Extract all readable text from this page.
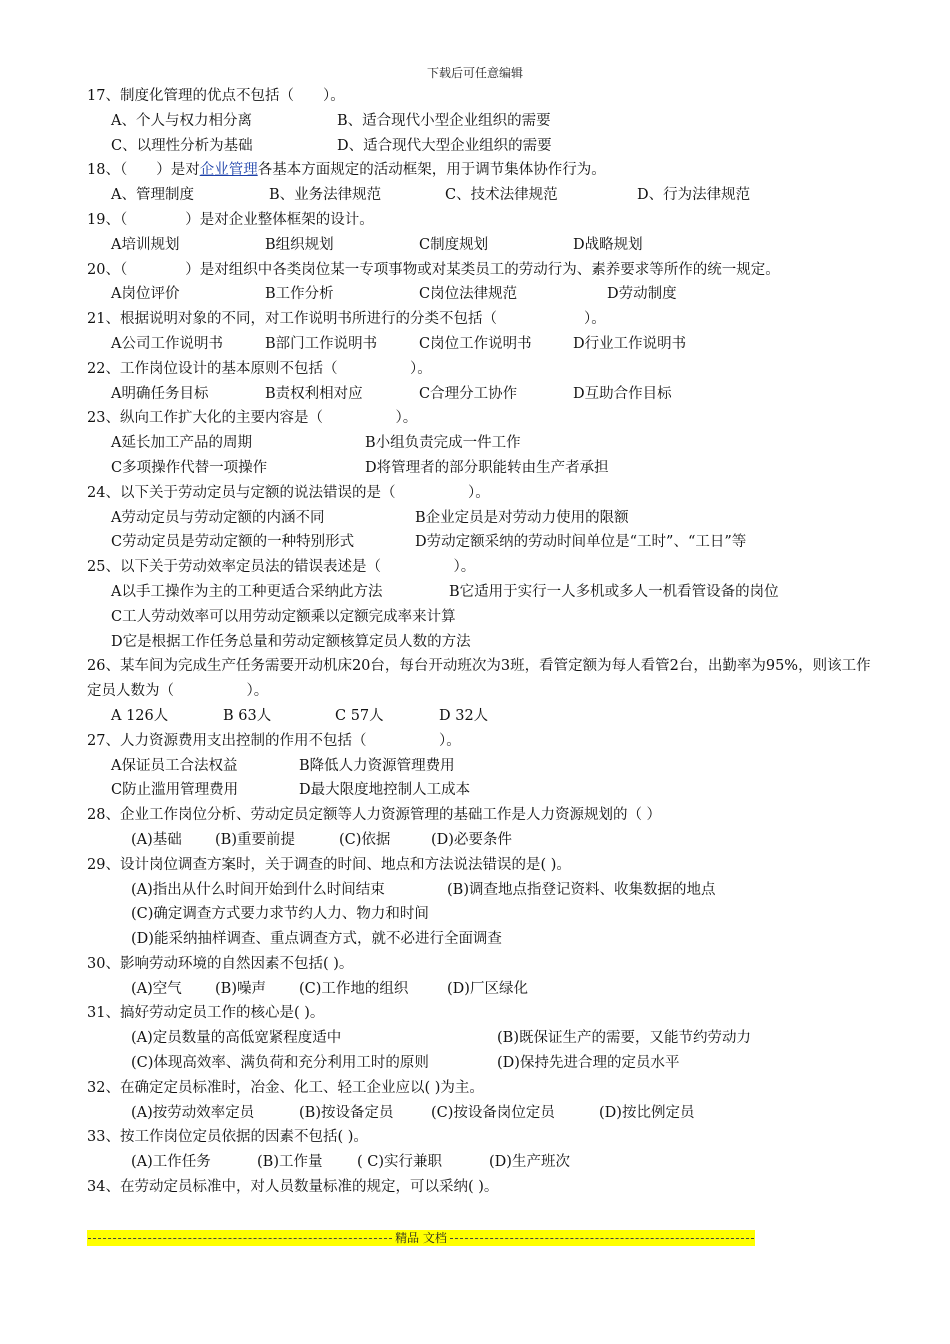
下载后可任意编辑
17、制度化管理的优点不包括（　　）。
A、个人与权力相分离	B、适合现代小型企业组织的需要
C、以理性分析为基础	D、适合现代大型企业组织的需要
18、（　　）是对企业管理各基本方面规定的活动框架，用于调节集体协作行为。
A、管理制度	B、业务法律规范	C、技术法律规范	D、行为法律规范
19、（　　　　）是对企业整体框架的设计。
A培训规划	B组织规划	C制度规划	D战略规划
20、（　　　　）是对组织中各类岗位某一专项事物或对某类员工的劳动行为、素养要求等所作的统一规定。
A岗位评价	B工作分析	C岗位法律规范	D劳动制度
21、根据说明对象的不同，对工作说明书所进行的分类不包括（　　　　　　）。
A公司工作说明书	B部门工作说明书	C岗位工作说明书	D行业工作说明书
22、工作岗位设计的基本原则不包括（　　　　　）。
A明确任务目标	B责权利相对应	C合理分工协作	D互助合作目标
23、纵向工作扩大化的主要内容是（　　　　　）。
A延长加工产品的周期	B小组负责完成一件工作
C多项操作代替一项操作	D将管理者的部分职能转由生产者承担
24、以下关于劳动定员与定额的说法错误的是（　　　　　）。
A劳动定员与劳动定额的内涵不同	B企业定员是对劳动力使用的限额
C劳动定员是劳动定额的一种特别形式	D劳动定额采纳的劳动时间单位是“工时”、“工日”等
25、以下关于劳动效率定员法的错误表述是（　　　　　）。
A以手工操作为主的工种更适合采纳此方法	B它适用于实行一人多机或多人一机看管设备的岗位
C工人劳动效率可以用劳动定额乘以定额完成率来计算
D它是根据工作任务总量和劳动定额核算定员人数的方法
26、某车间为完成生产任务需要开动机床20台，每台开动班次为3班，看管定额为每人看管2台，出勤率为95%，则该工作定员人数为（　　　　　）。
A 126人	B 63人	C 57人	D 32人
27、人力资源费用支出控制的作用不包括（　　　　　）。
A保证员工合法权益	B降低人力资源管理费用
C防止滥用管理费用	D最大限度地控制人工成本
28、企业工作岗位分析、劳动定员定额等人力资源管理的基础工作是人力资源规划的（ ）
(A)基础 (B)重要前提	(C)依据	(D)必要条件
29、设计岗位调查方案时，关于调查的时间、地点和方法说法错误的是( )。
(A)指出从什么时间开始到什么时间结束	(B)调查地点指登记资料、收集数据的地点
(C)确定调查方式要力求节约人力、物力和时间
(D)能采纳抽样调查、重点调查方式，就不必进行全面调查
30、影响劳动环境的自然因素不包括( )。
(A)空气 (B)噪声 (C)工作地的组织	(D)厂区绿化
31、搞好劳动定员工作的核心是( )。
(A)定员数量的高低宽紧程度适中	(B)既保证生产的需要，又能节约劳动力
(C)体现高效率、满负荷和充分利用工时的原则	(D)保持先进合理的定员水平
32、在确定定员标准时，冶金、化工、轻工企业应以( )为主。
(A)按劳动效率定员	(B)按设备定员	(C)按设备岗位定员	(D)按比例定员
33、按工作岗位定员依据的因素不包括( )。
(A)工作任务	(B)工作量 ( C)实行兼职	(D)生产班次
34、在劳动定员标准中，对人员数量标准的规定，可以采纳( )。
精品 文档
